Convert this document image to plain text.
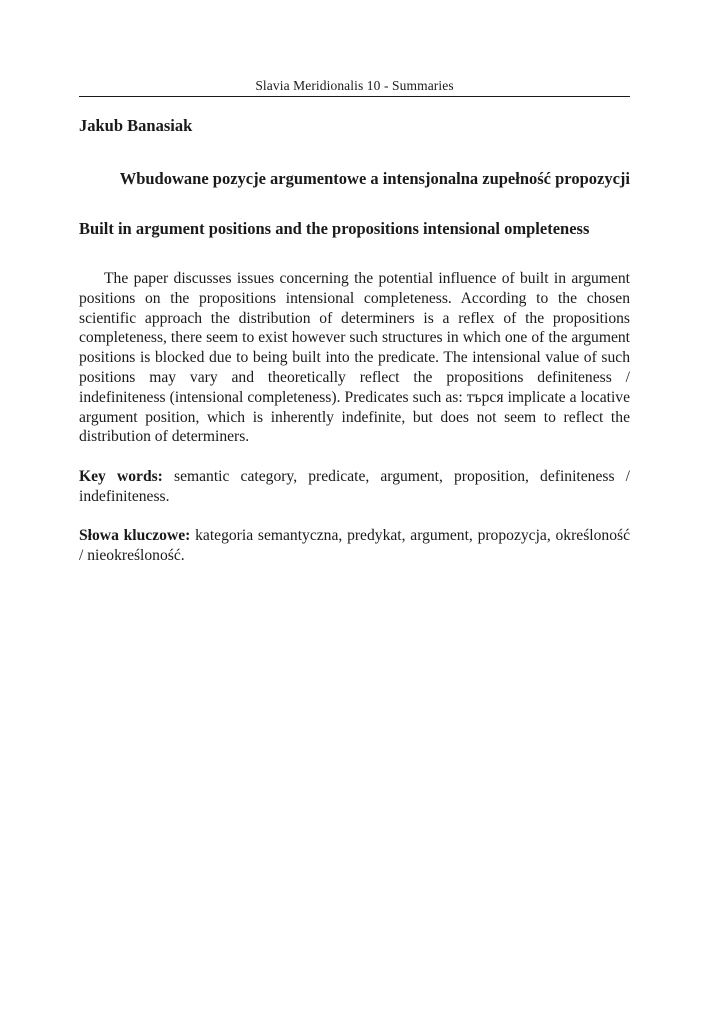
Slavia Meridionalis 10 - Summaries
Jakub Banasiak
Wbudowane pozycje argumentowe a intensjonalna zupełność propozycji
Built in argument positions and the propositions intensional ompleteness

The paper discusses issues concerning the potential influence of built in argument positions on the propositions intensional completeness. According to the chosen scientific approach the distribution of determiners is a reflex of the propositions completeness, there seem to exist however such structures in which one of the argument positions is blocked due to being built into the predicate. The intensional value of such positions may vary and theoretically reflect the propositions definiteness / indefiniteness (intensional completeness). Predicates such as: търся implicate a locative argument position, which is inherently indefinite, but does not seem to reflect the distribution of determiners.

Key words: semantic category, predicate, argument, proposition, definiteness / indefiniteness.

Słowa kluczowe: kategoria semantyczna, predykat, argument, propozycja, określoność / nieokreśloność.
